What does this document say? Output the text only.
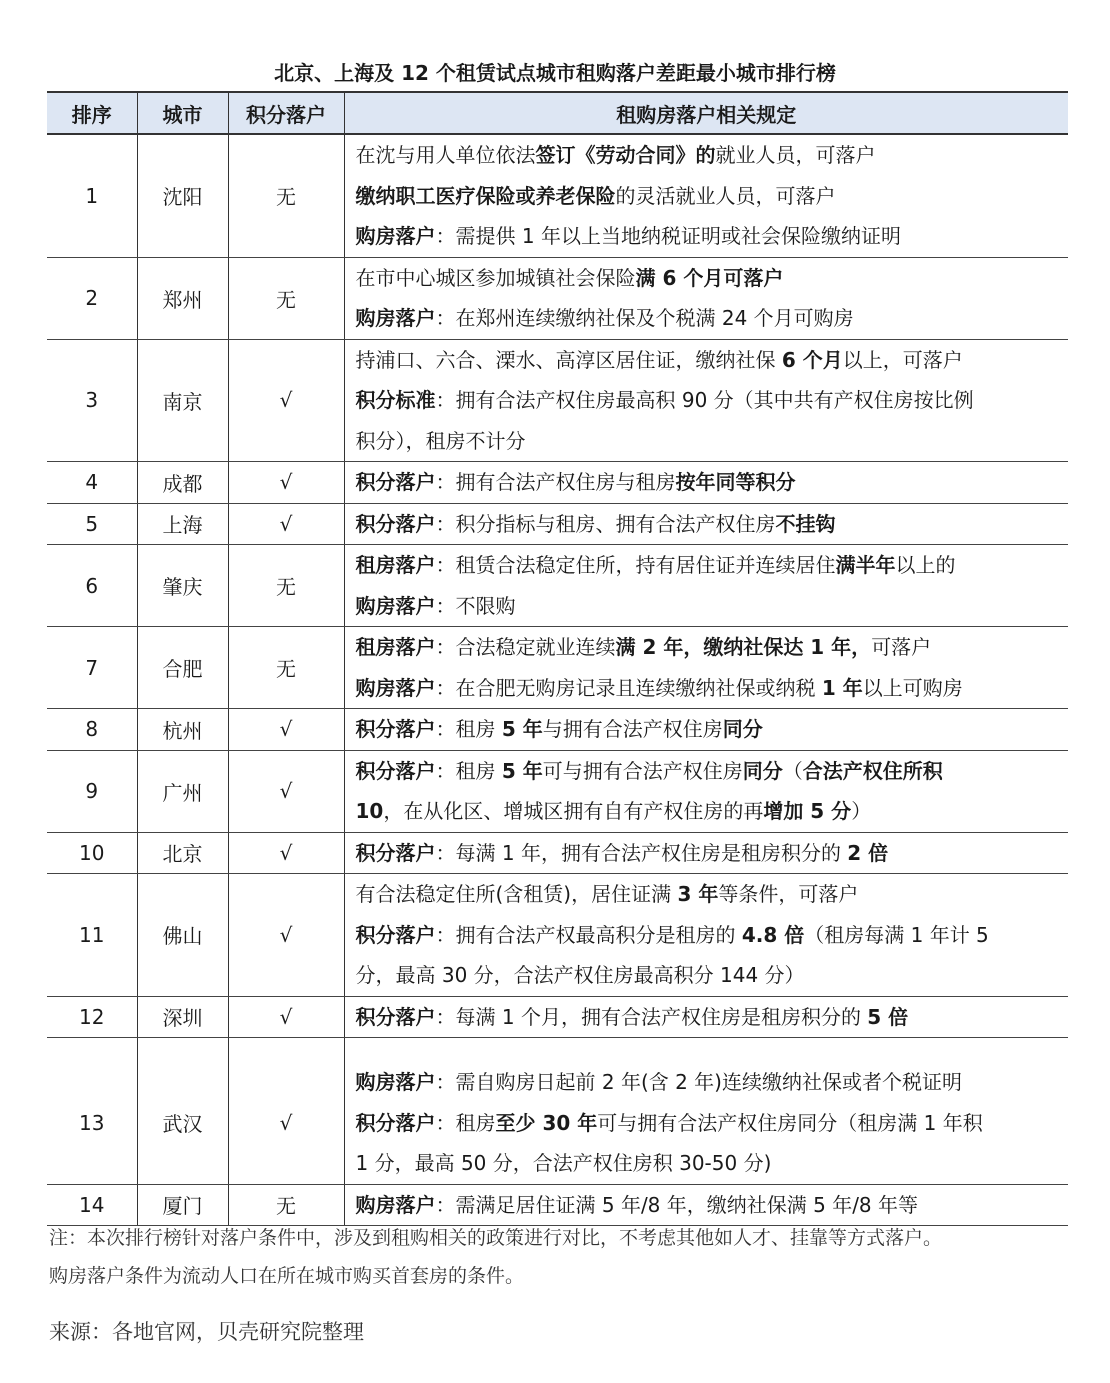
北京、上海及 12 个租赁试点城市租购落户差距最小城市排行榜
排序	城市	积分落户	租购房落户相关规定
1	沈阳	无	在沈与用人单位依法签订《劳动合同》的就业人员，可落户
缴纳职工医疗保险或养老保险的灵活就业人员，可落户
购房落户：需提供 1 年以上当地纳税证明或社会保险缴纳证明

2	郑州	无	在市中心城区参加城镇社会保险满 6 个月可落户
购房落户：在郑州连续缴纳社保及个税满 24 个月可购房

3	南京	√	持浦口、六合、溧水、高淳区居住证，缴纳社保 6 个月以上，可落户
积分标准：拥有合法产权住房最高积 90 分（其中共有产权住房按比例
积分），租房不计分

4	成都	√	积分落户：拥有合法产权住房与租房按年同等积分

5	上海	√	积分落户：积分指标与租房、拥有合法产权住房不挂钩

6	肇庆	无	租房落户：租赁合法稳定住所，持有居住证并连续居住满半年以上的
购房落户：不限购

7	合肥	无	租房落户：合法稳定就业连续满 2 年，缴纳社保达 1 年，可落户
购房落户：在合肥无购房记录且连续缴纳社保或纳税 1 年以上可购房

8	杭州	√	积分落户：租房 5 年与拥有合法产权住房同分

9	广州	√	积分落户：租房 5 年可与拥有合法产权住房同分（合法产权住所积
10，在从化区、增城区拥有自有产权住房的再增加 5 分）

10	北京	√	积分落户：每满 1 年，拥有合法产权住房是租房积分的 2 倍

11	佛山	√	有合法稳定住所(含租赁)，居住证满 3 年等条件，可落户
积分落户：拥有合法产权最高积分是租房的 4.8 倍（租房每满 1 年计 5
分，最高 30 分，合法产权住房最高积分 144 分）

12	深圳	√	积分落户：每满 1 个月，拥有合法产权住房是租房积分的 5 倍

13	武汉	√	购房落户：需自购房日起前 2 年(含 2 年)连续缴纳社保或者个税证明
积分落户：租房至少 30 年可与拥有合法产权住房同分（租房满 1 年积
1 分，最高 50 分，合法产权住房积 30-50 分)

14	厦门	无	购房落户：需满足居住证满 5 年/8 年，缴纳社保满 5 年/8 年等
注：本次排行榜针对落户条件中，涉及到租购相关的政策进行对比，不考虑其他如人才、挂靠等方式落户。
购房落户条件为流动人口在所在城市购买首套房的条件。
来源：各地官网，贝壳研究院整理
